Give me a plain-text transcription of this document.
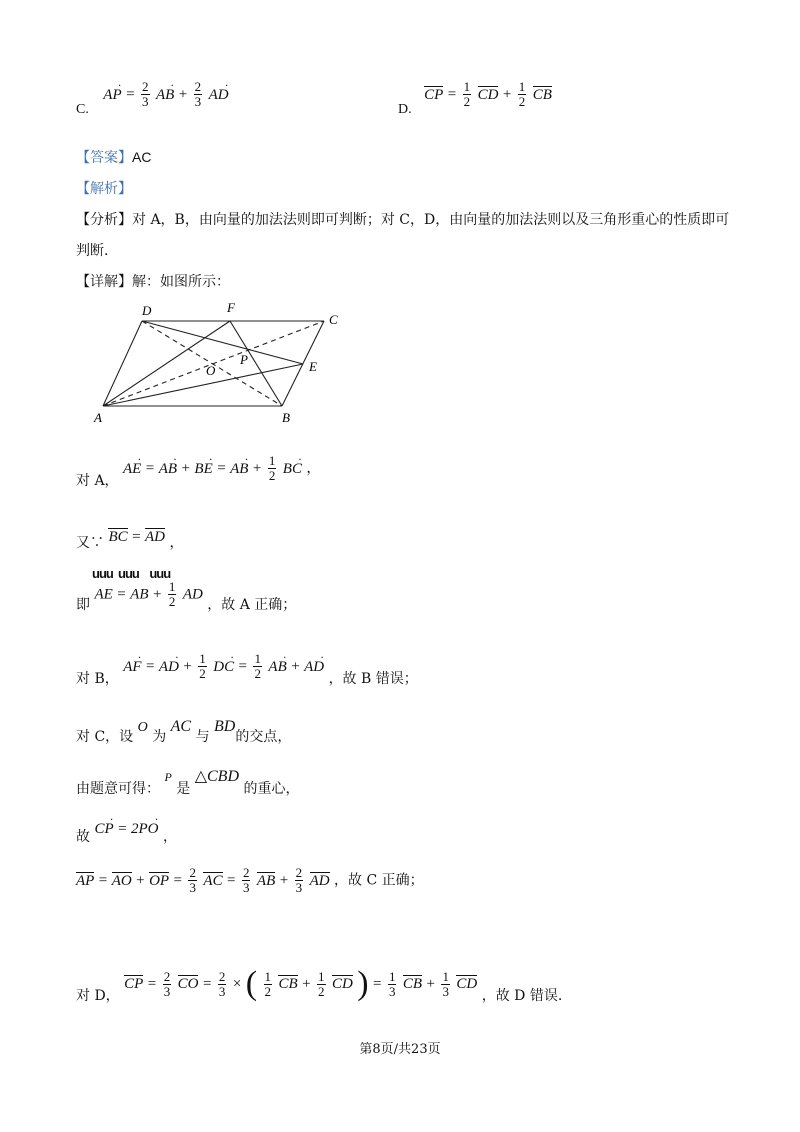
C. AP · = $\frac{2}{3}$ AB · + $\frac{2}{3}$ AD ·
D. CP = $\frac{1}{2}$ CD + $\frac{1}{2}$ CB
【答案】AC
【解析】
【分析】对 A，B，由向量的加法法则即可判断；对 C，D，由向量的加法法则以及三角形重心的性质即可
判断.
【详解】解：如图所示：
D	F
C
P
O	E
A	B
对 A， AE · = AB · + BE · = AB · + $\frac{1}{2}$ BC · ，
又∵ BC = AD ，
uuu  uuu    uuu
即 AE = AB + $\frac{1}{2}$ AD ，故 A 正确；
对 B， AF · = AD · + $\frac{1}{2}$ DC · = $\frac{1}{2}$ AB · + AD · ，故 B 错误；
对 C，设 O 为 AC 与 BD的交点，
由题意可得： P 是 △CBD 的重心，
故 CP · = 2PO · ，
AP = AO + OP = $\frac{2}{3}$ AC = $\frac{2}{3}$ AB + $\frac{2}{3}$ AD ，故 C 正确；
对 D， CP = $\frac{2}{3}$ CO = $\frac{2}{3}$ × ( $\frac{1}{2}$ CB + $\frac{1}{2}$ CD ) = $\frac{1}{3}$ CB + $\frac{1}{3}$ CD ，故 D 错误.
第8页/共23页
